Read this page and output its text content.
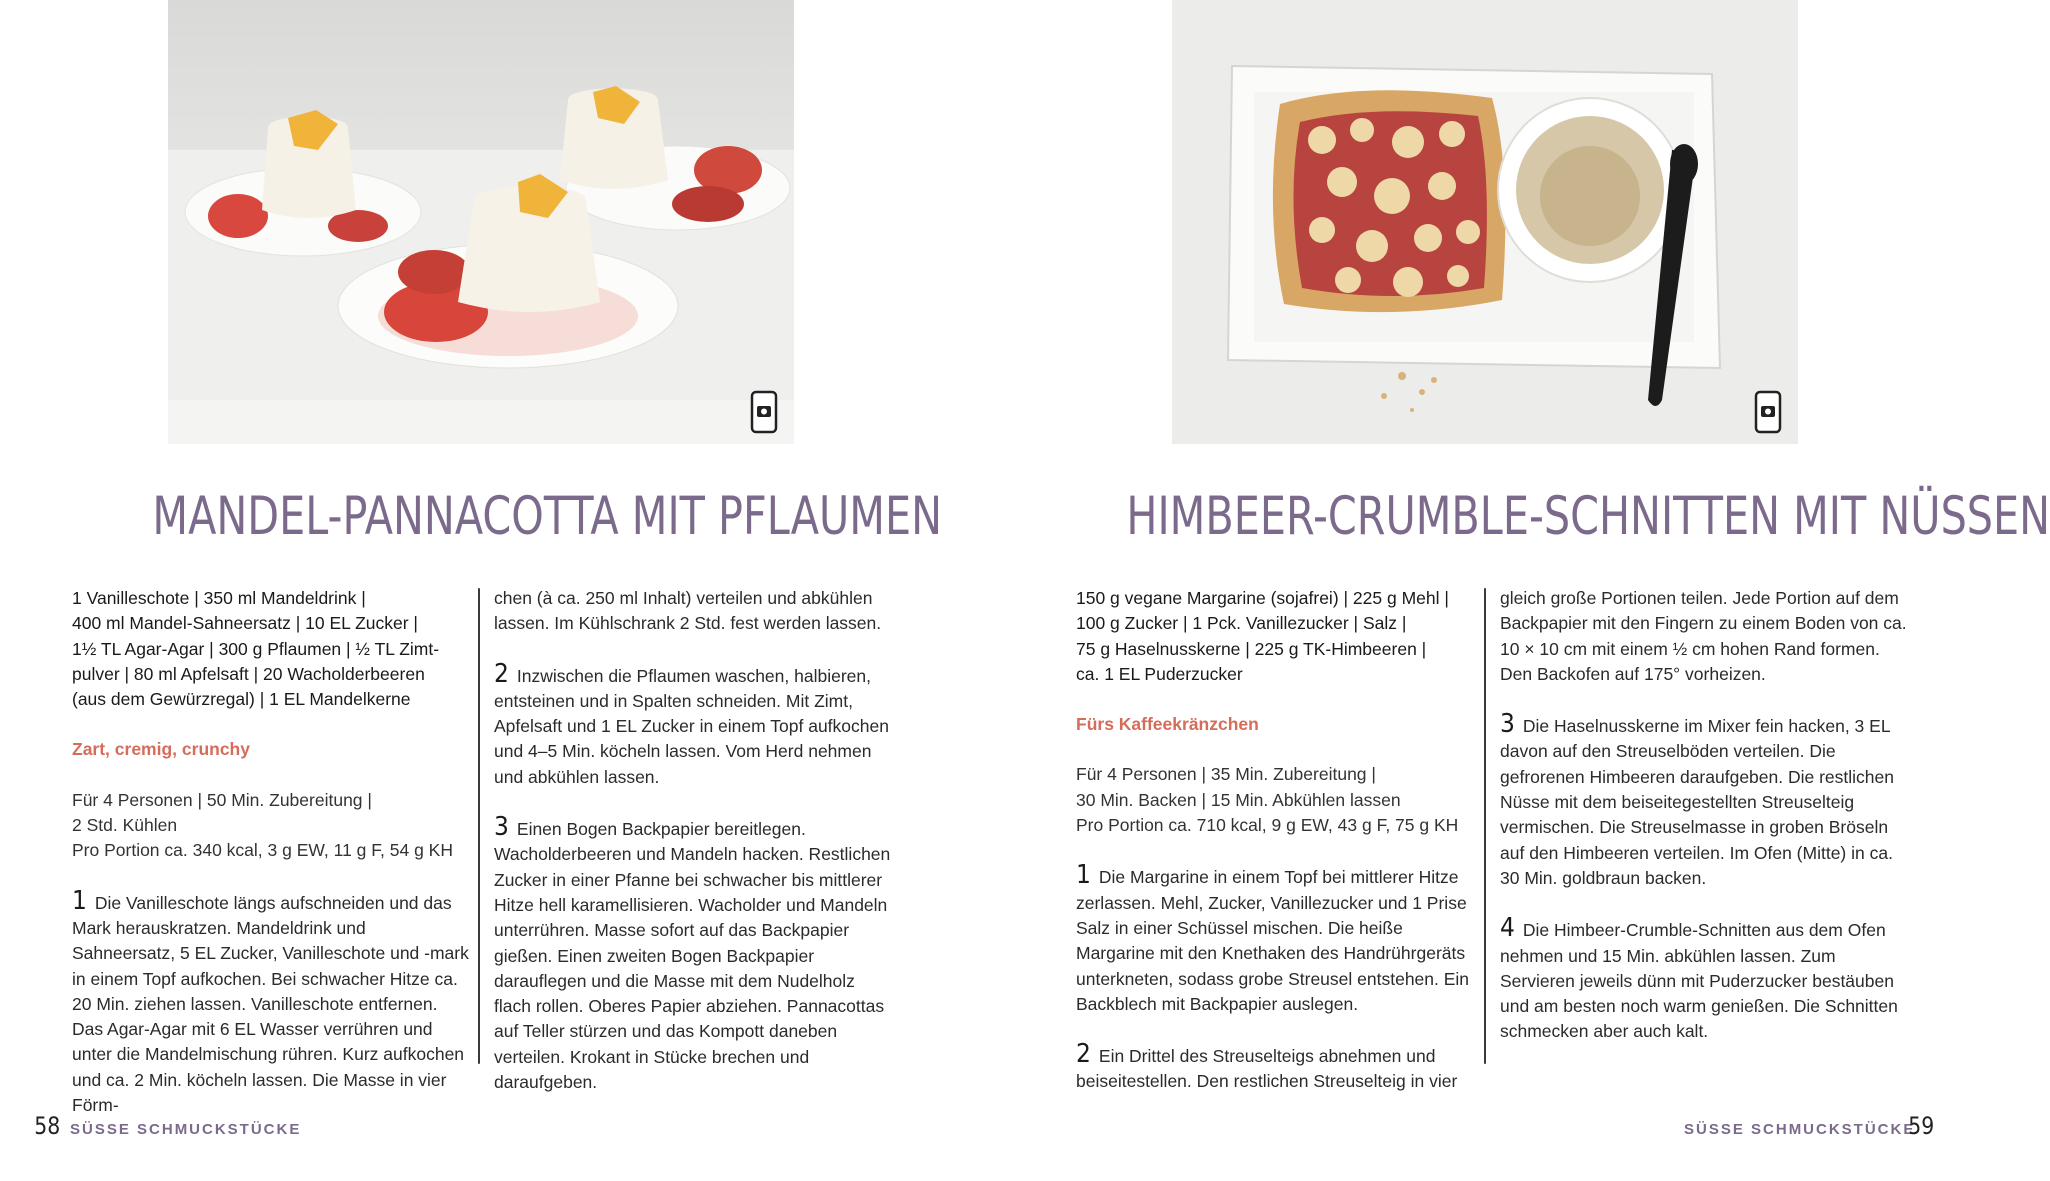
MANDEL-PANNACOTTA MIT PFLAUMEN

1 Vanilleschote | 350 ml Mandeldrink |
400 ml Mandel-Sahneersatz | 10 EL Zucker |
1½ TL Agar-Agar | 300 g Pflaumen | ½ TL Zimt-
pulver | 80 ml Apfelsaft | 20 Wacholderbeeren
(aus dem Gewürzregal) | 1 EL Mandelkerne

Zart, cremig, crunchy

Für 4 Personen | 50 Min. Zubereitung |
2 Std. Kühlen
Pro Portion ca. 340 kcal, 3 g EW, 11 g F, 54 g KH

1 Die Vanilleschote längs aufschneiden und das Mark herauskratzen. Mandeldrink und Sahneersatz, 5 EL Zucker, Vanilleschote und -mark in einem Topf aufkochen. Bei schwacher Hitze ca. 20 Min. ziehen lassen. Vanilleschote entfernen. Das Agar-Agar mit 6 EL Wasser verrühren und unter die Mandelmischung rühren. Kurz aufkochen und ca. 2 Min. köcheln lassen. Die Masse in vier Förm-

chen (à ca. 250 ml Inhalt) verteilen und abkühlen lassen. Im Kühlschrank 2 Std. fest werden lassen.

2 Inzwischen die Pflaumen waschen, halbieren, entsteinen und in Spalten schneiden. Mit Zimt, Apfelsaft und 1 EL Zucker in einem Topf aufkochen und 4–5 Min. köcheln lassen. Vom Herd nehmen und abkühlen lassen.

3 Einen Bogen Backpapier bereitlegen. Wacholderbeeren und Mandeln hacken. Restlichen Zucker in einer Pfanne bei schwacher bis mittlerer Hitze hell karamellisieren. Wacholder und Mandeln unterrühren. Masse sofort auf das Backpapier gießen. Einen zweiten Bogen Backpapier darauflegen und die Masse mit dem Nudelholz flach rollen. Oberes Papier abziehen. Pannacottas auf Teller stürzen und das Kompott daneben verteilen. Krokant in Stücke brechen und daraufgeben.

58 SÜSSE SCHMUCKSTÜCKE
HIMBEER-CRUMBLE-SCHNITTEN MIT NÜSSEN

150 g vegane Margarine (sojafrei) | 225 g Mehl |
100 g Zucker | 1 Pck. Vanillezucker | Salz |
75 g Haselnusskerne | 225 g TK-Himbeeren |
ca. 1 EL Puderzucker

Fürs Kaffeekränzchen

Für 4 Personen | 35 Min. Zubereitung |
30 Min. Backen | 15 Min. Abkühlen lassen
Pro Portion ca. 710 kcal, 9 g EW, 43 g F, 75 g KH

1 Die Margarine in einem Topf bei mittlerer Hitze zerlassen. Mehl, Zucker, Vanillezucker und 1 Prise Salz in einer Schüssel mischen. Die heiße Margarine mit den Knethaken des Handrührgeräts unterkneten, sodass grobe Streusel entstehen. Ein Backblech mit Backpapier auslegen.

2 Ein Drittel des Streuselteigs abnehmen und beiseitestellen. Den restlichen Streuselteig in vier

gleich große Portionen teilen. Jede Portion auf dem Backpapier mit den Fingern zu einem Boden von ca. 10 × 10 cm mit einem ½ cm hohen Rand formen. Den Backofen auf 175° vorheizen.

3 Die Haselnusskerne im Mixer fein hacken, 3 EL davon auf den Streuselböden verteilen. Die gefrorenen Himbeeren daraufgeben. Die restlichen Nüsse mit dem beiseitegestellten Streuselteig vermischen. Die Streuselmasse in groben Bröseln auf den Himbeeren verteilen. Im Ofen (Mitte) in ca. 30 Min. goldbraun backen.

4 Die Himbeer-Crumble-Schnitten aus dem Ofen nehmen und 15 Min. abkühlen lassen. Zum Servieren jeweils dünn mit Puderzucker bestäuben und am besten noch warm genießen. Die Schnitten schmecken aber auch kalt.

SÜSSE SCHMUCKSTÜCKE
59
